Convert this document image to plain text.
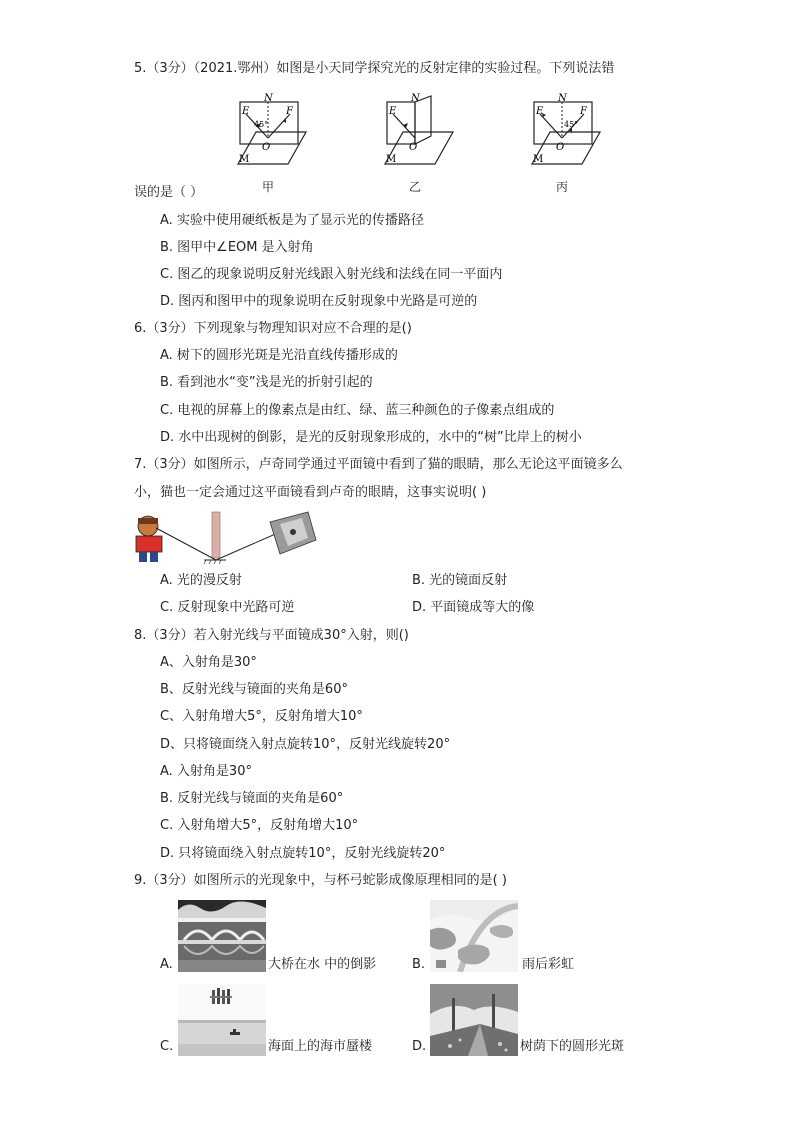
5.（3分）（2021.鄂州）如图是小天同学探究光的反射定律的实验过程。下列说法错
N
E	F
45°
O
M
甲
N
E
O
M
乙
N
E	F
45°
O
M
丙
误的是（ ）
A. 实验中使用硬纸板是为了显示光的传播路径
B. 图甲中∠EOM 是入射角
C. 图乙的现象说明反射光线跟入射光线和法线在同一平面内
D. 图丙和图甲中的现象说明在反射现象中光路是可逆的
6.（3分）下列现象与物理知识对应不合理的是()
A. 树下的圆形光斑是光沿直线传播形成的
B. 看到池水“变”浅是光的折射引起的
C. 电视的屏幕上的像素点是由红、绿、蓝三种颜色的子像素点组成的
D. 水中出现树的倒影，是光的反射现象形成的，水中的“树”比岸上的树小
7.（3分）如图所示，卢奇同学通过平面镜中看到了猫的眼睛，那么无论这平面镜多么
小，猫也一定会通过这平面镜看到卢奇的眼睛，这事实说明( )
A. 光的漫反射	B. 光的镜面反射
C. 反射现象中光路可逆	D. 平面镜成等大的像
8.（3分）若入射光线与平面镜成30°入射，则()
A、入射角是30°
B、反射光线与镜面的夹角是60°
C、入射角增大5°，反射角增大10°
D、只将镜面绕入射点旋转10°，反射光线旋转20°
A. 入射角是30°
B. 反射光线与镜面的夹角是60°
C. 入射角增大5°，反射角增大10°
D. 只将镜面绕入射点旋转10°，反射光线旋转20°
9.（3分）如图所示的光现象中，与杯弓蛇影成像原理相同的是( )
A.	大桥在水 中的倒影	B.	雨后彩虹
C.	海面上的海市蜃楼	D.	树荫下的圆形光斑
